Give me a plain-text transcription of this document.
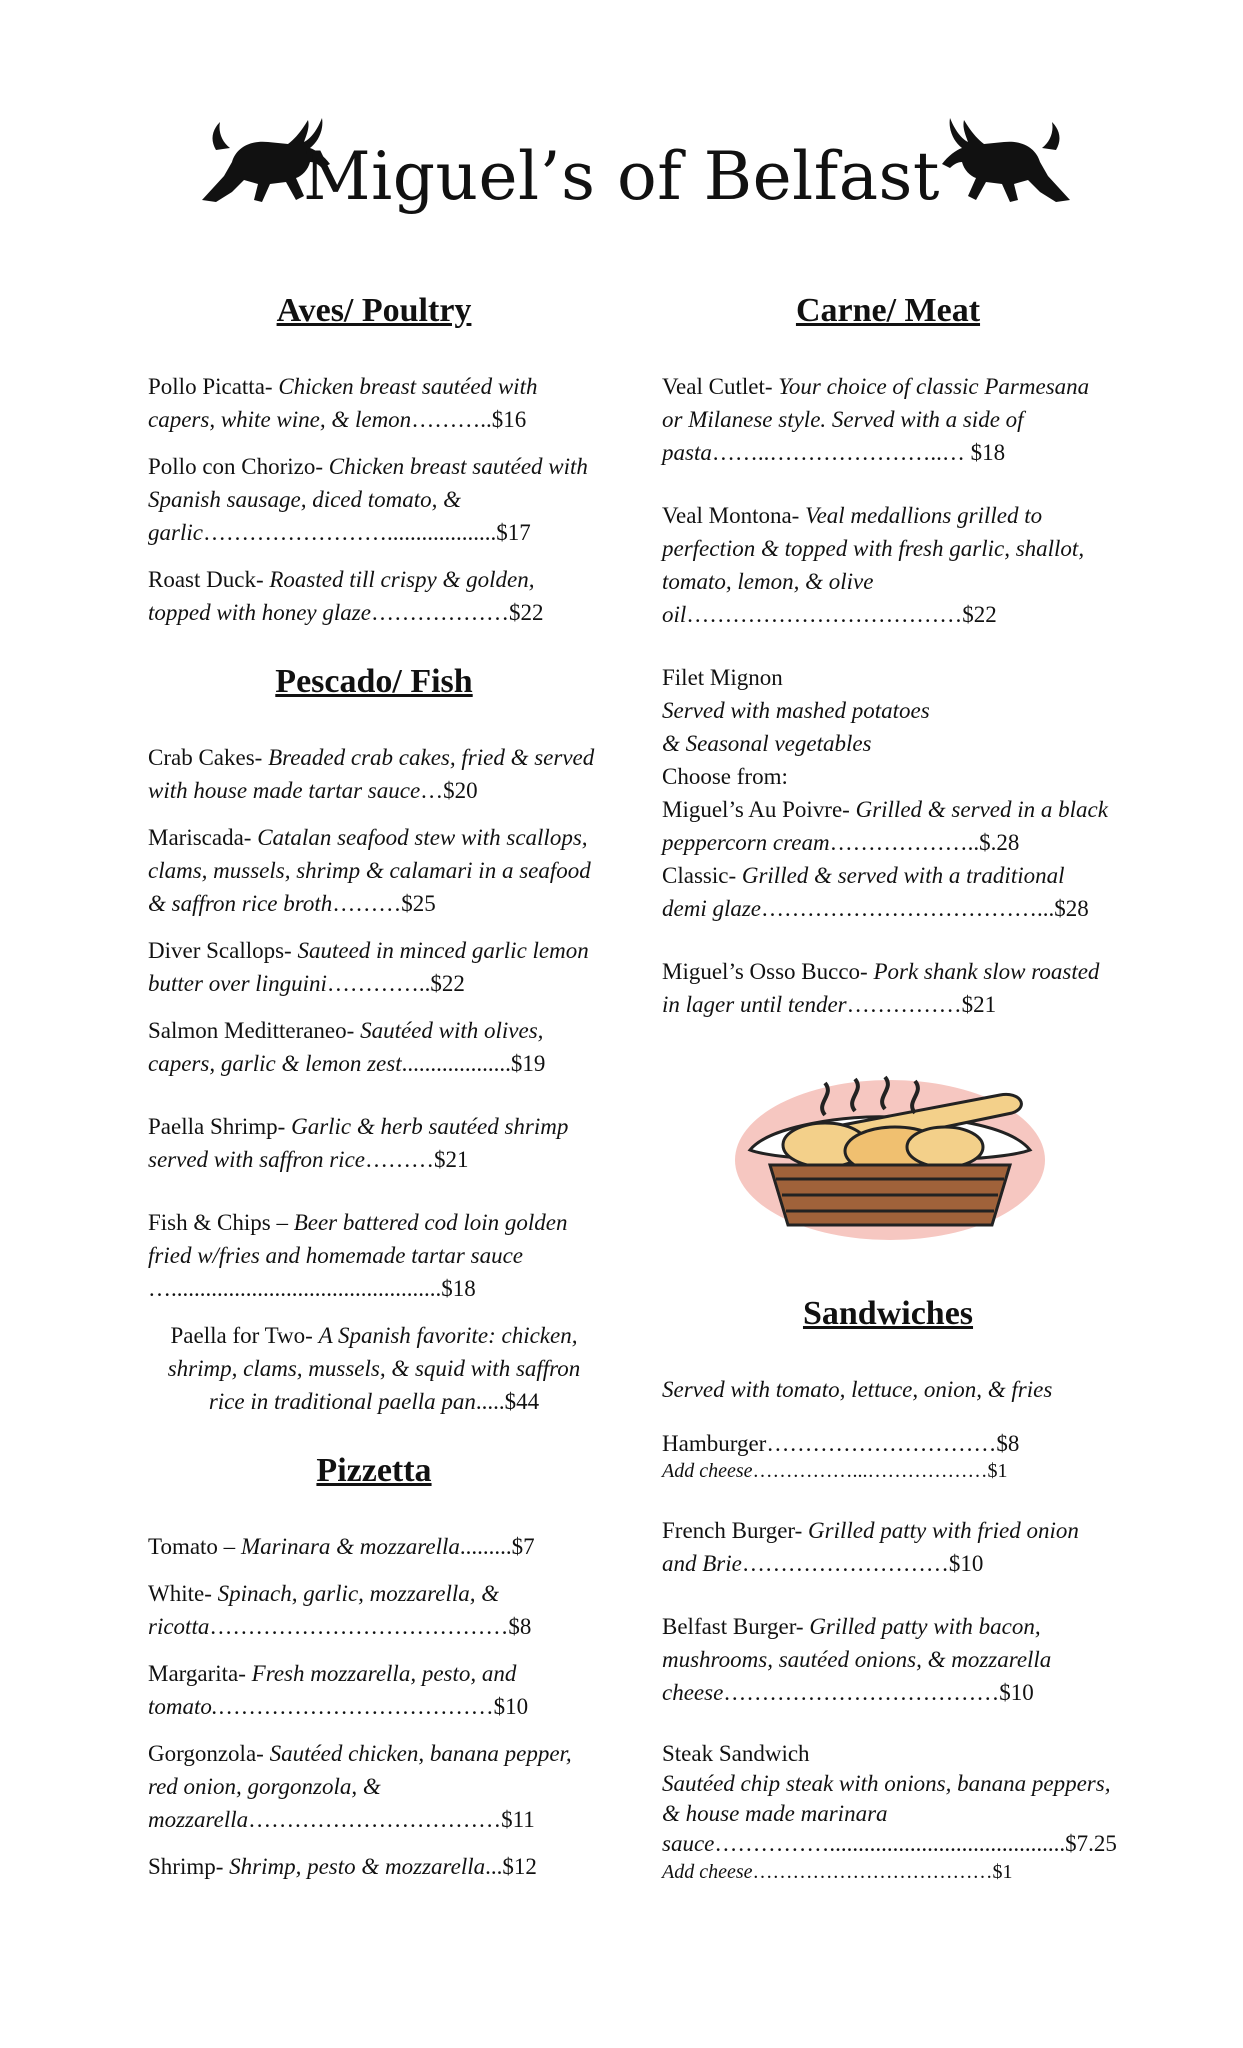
Miguel’s of Belfast
Aves/ Poultry
Pollo Picatta- Chicken breast sautéed with capers, white wine, & lemon………..$16
Pollo con Chorizo- Chicken breast sautéed with Spanish sausage, diced tomato, & garlic……………………...................$17
Roast Duck- Roasted till crispy & golden, topped with honey glaze………………$22
Pescado/ Fish
Crab Cakes- Breaded crab cakes, fried & served with house made tartar sauce…$20
Mariscada- Catalan seafood stew with scallops, clams, mussels, shrimp & calamari in a seafood & saffron rice broth………$25
Diver Scallops- Sauteed in minced garlic lemon butter over linguini…………..$22
Salmon Meditteraneo- Sautéed with olives, capers, garlic & lemon zest...................$19
Paella Shrimp- Garlic & herb sautéed shrimp served with saffron rice………$21
Fish & Chips – Beer battered cod loin golden fried w/fries and homemade tartar sauce …...............................................$18
Paella for Two- A Spanish favorite: chicken, shrimp, clams, mussels, & squid with saffron rice in traditional paella pan.....$44
Pizzetta
Tomato – Marinara & mozzarella.........$7
White- Spinach, garlic, mozzarella, & ricotta…………………………………$8
Margarita- Fresh mozzarella, pesto, and tomato.………………………………$10
Gorgonzola- Sautéed chicken, banana pepper, red onion, gorgonzola, & mozzarella……………………………$11
Shrimp- Shrimp, pesto & mozzarella...$12
Carne/ Meat
Veal Cutlet- Your choice of classic Parmesana or Milanese style. Served with a side of pasta……..…………………..… $18
Veal Montona- Veal medallions grilled to perfection & topped with fresh garlic, shallot, tomato, lemon, & olive oil………………………………$22
Filet Mignon
Served with mashed potatoes
& Seasonal vegetables
Choose from:
Miguel’s Au Poivre- Grilled & served in a black peppercorn cream………………..$.28
Classic- Grilled & served with a traditional demi glaze………………………………...$28
Miguel’s Osso Bucco- Pork shank slow roasted in lager until tender……………$21
Sandwiches
Served with tomato, lettuce, onion, & fries
Hamburger…………………………$8
Add cheese……………...………………$1
French Burger- Grilled patty with fried onion and Brie………………………$10
Belfast Burger- Grilled patty with bacon, mushrooms, sautéed onions, & mozzarella cheese………………………………$10
Steak Sandwich
Sautéed chip steak with onions, banana peppers, & house made marinara sauce…………….........................................$7.25
Add cheese………………………………$1
